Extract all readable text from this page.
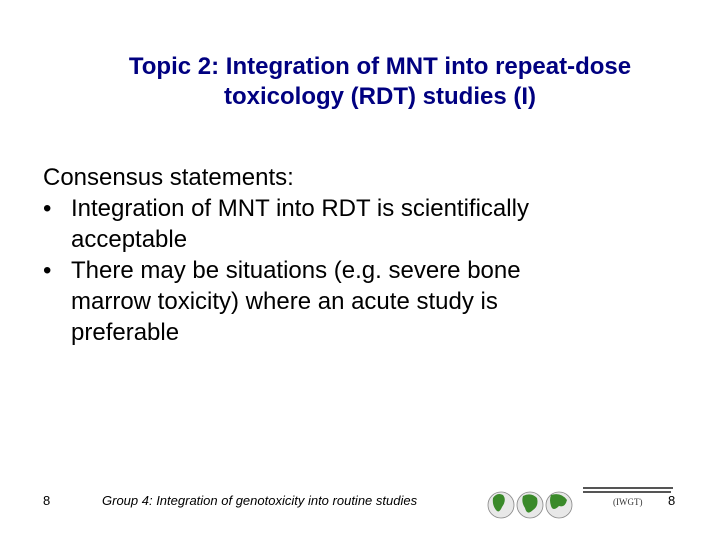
Topic 2: Integration of MNT into repeat-dose
toxicology (RDT) studies (I)
Consensus statements:
• Integration of MNT into RDT is scientifically
acceptable
• There may be situations (e.g. severe bone
marrow toxicity) where an acute study is
preferable
8	Group 4: Integration of genotoxicity into routine studies	(IWGT) 8
